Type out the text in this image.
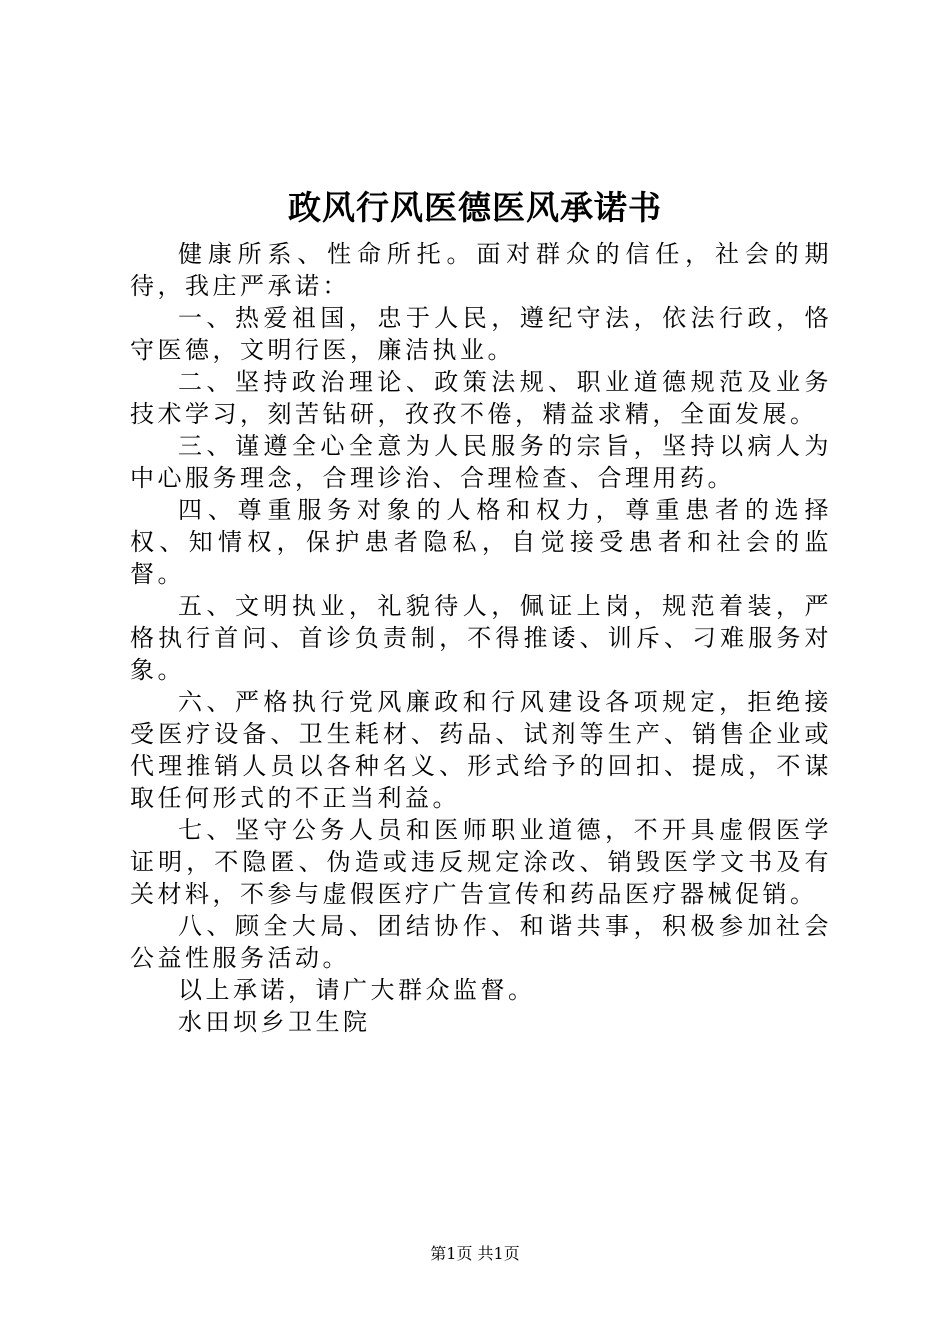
政风行风医德医风承诺书

健康所系、性命所托。面对群众的信任，社会的期待，我庄严承诺：

一、热爱祖国，忠于人民，遵纪守法，依法行政，恪守医德，文明行医，廉洁执业。

二、坚持政治理论、政策法规、职业道德规范及业务技术学习，刻苦钻研，孜孜不倦，精益求精，全面发展。

三、谨遵全心全意为人民服务的宗旨，坚持以病人为中心服务理念，合理诊治、合理检查、合理用药。

四、尊重服务对象的人格和权力，尊重患者的选择权、知情权，保护患者隐私，自觉接受患者和社会的监督。

五、文明执业，礼貌待人，佩证上岗，规范着装，严格执行首问、首诊负责制，不得推诿、训斥、刁难服务对象。

六、严格执行党风廉政和行风建设各项规定，拒绝接受医疗设备、卫生耗材、药品、试剂等生产、销售企业或代理推销人员以各种名义、形式给予的回扣、提成，不谋取任何形式的不正当利益。

七、坚守公务人员和医师职业道德，不开具虚假医学证明，不隐匿、伪造或违反规定涂改、销毁医学文书及有关材料，不参与虚假医疗广告宣传和药品医疗器械促销。

八、顾全大局、团结协作、和谐共事，积极参加社会公益性服务活动。

以上承诺，请广大群众监督。

水田坝乡卫生院

第1页 共1页
